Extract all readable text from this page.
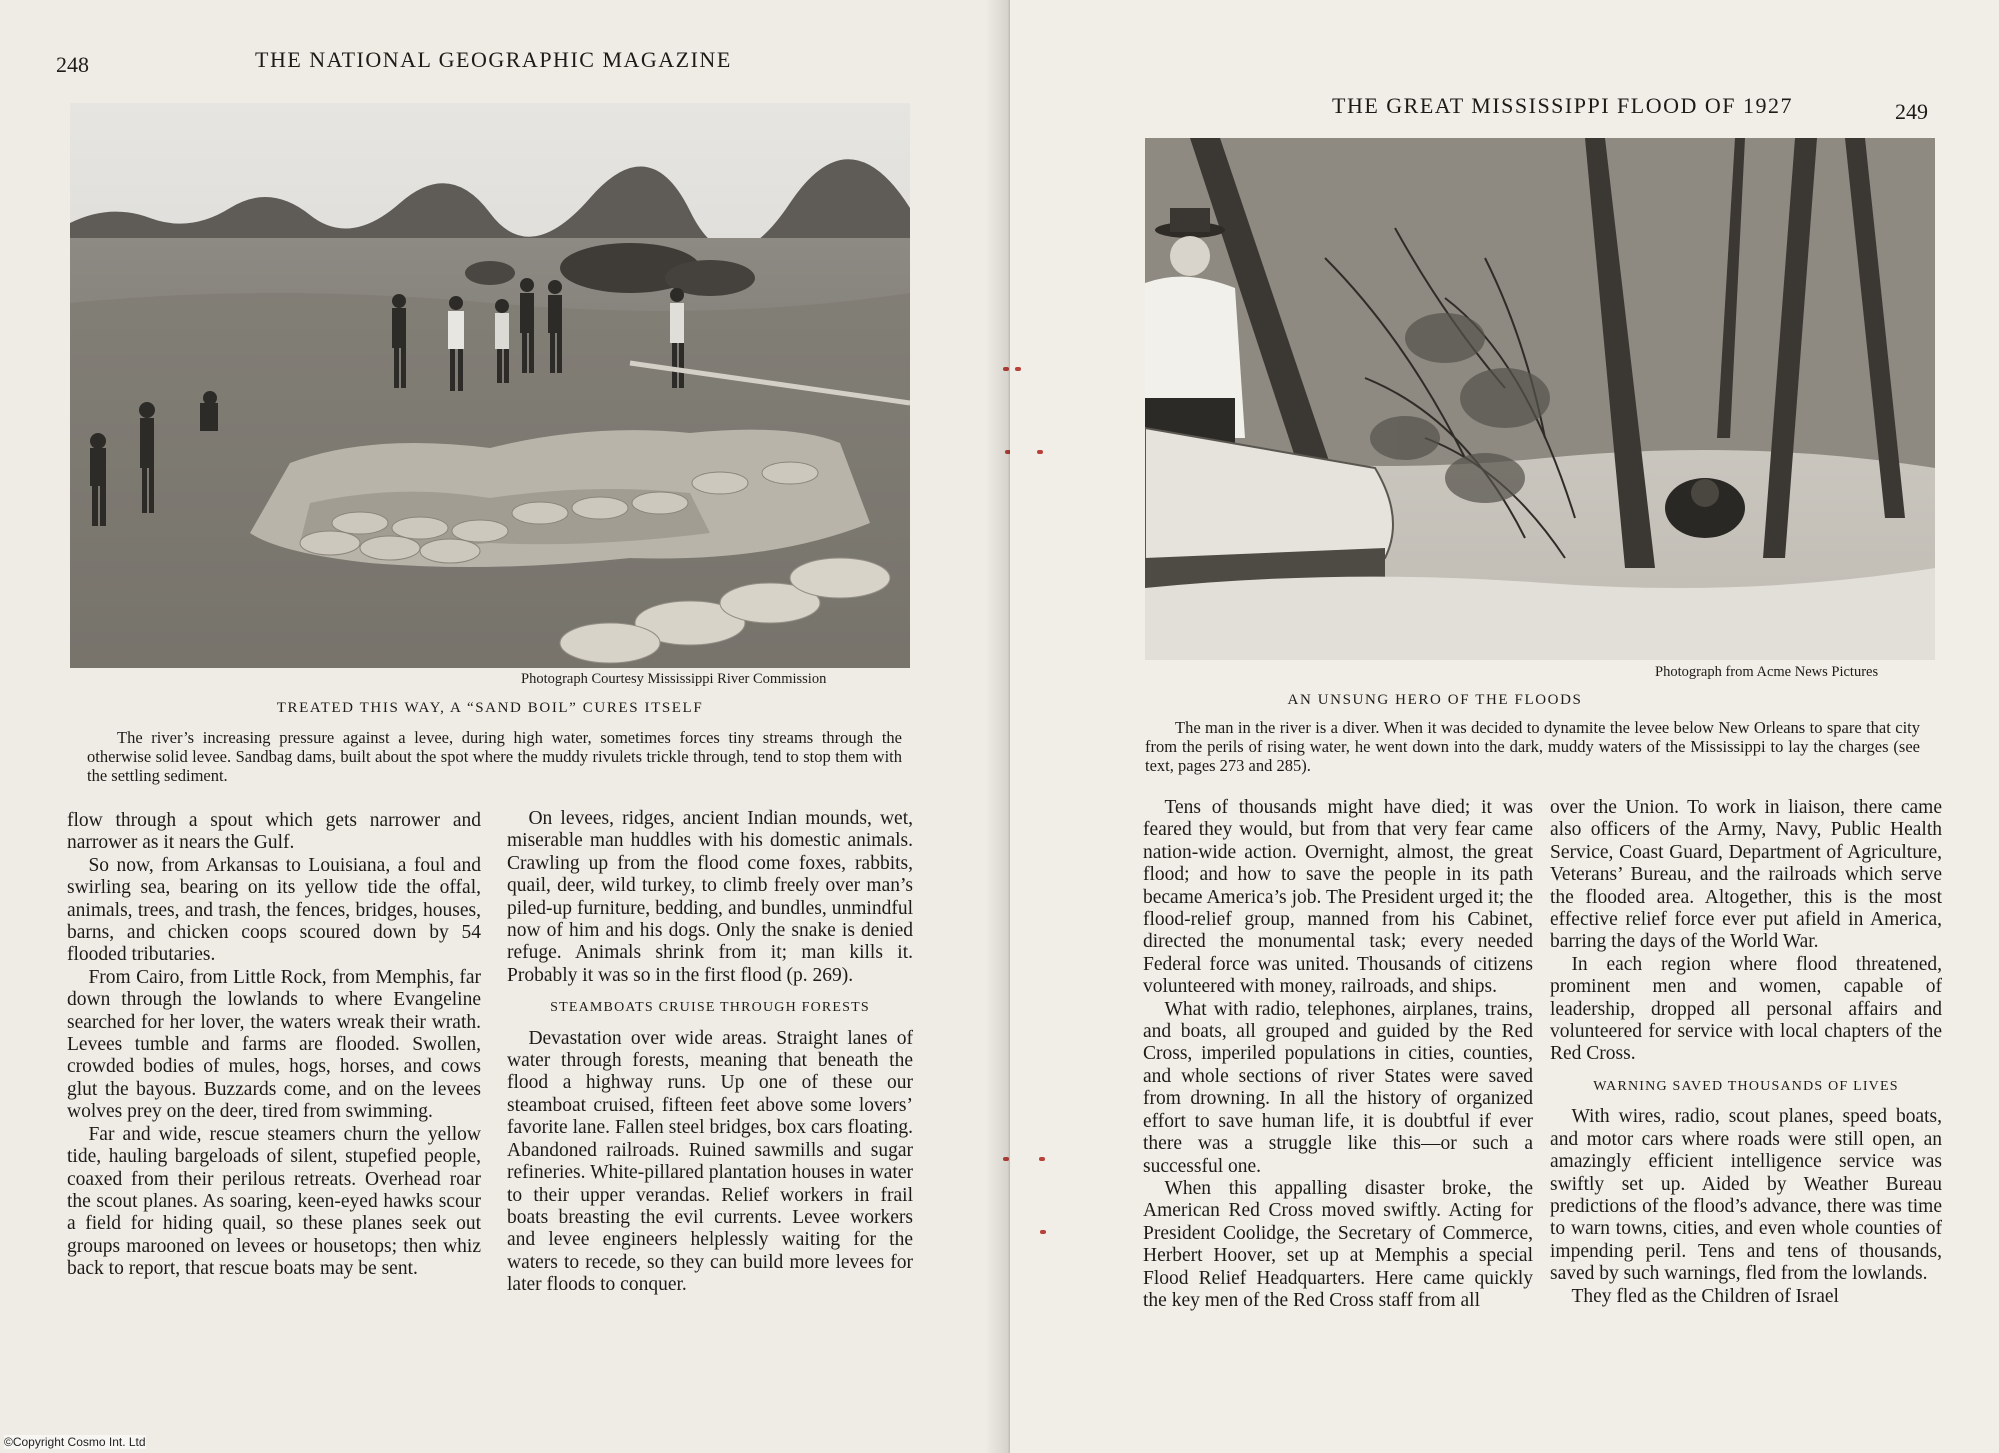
248	THE NATIONAL GEOGRAPHIC MAGAZINE
Photograph Courtesy Mississippi River Commission
TREATED THIS WAY, A “SAND BOIL” CURES ITSELF
The river’s increasing pressure against a levee, during high water, sometimes forces tiny streams through the otherwise solid levee. Sandbag dams, built about the spot where the muddy rivulets trickle through, tend to stop them with the settling sediment.

flow through a spout which gets narrower and narrower as it nears the Gulf.

So now, from Arkansas to Louisiana, a foul and swirling sea, bearing on its yellow tide the offal, animals, trees, and trash, the fences, bridges, houses, barns, and chicken coops scoured down by 54 flooded tributaries.

From Cairo, from Little Rock, from Memphis, far down through the lowlands to where Evangeline searched for her lover, the waters wreak their wrath. Levees tumble and farms are flooded. Swollen, crowded bodies of mules, hogs, horses, and cows glut the bayous. Buzzards come, and on the levees wolves prey on the deer, tired from swimming.

Far and wide, rescue steamers churn the yellow tide, hauling bargeloads of silent, stupefied people, coaxed from their perilous retreats. Overhead roar the scout planes. As soaring, keen-eyed hawks scour a field for hiding quail, so these planes seek out groups marooned on levees or housetops; then whiz back to report, that rescue boats may be sent.

On levees, ridges, ancient Indian mounds, wet, miserable man huddles with his domestic animals. Crawling up from the flood come foxes, rabbits, quail, deer, wild turkey, to climb freely over man’s piled-up furniture, bedding, and bundles, unmindful now of him and his dogs. Only the snake is denied refuge. Animals shrink from it; man kills it. Probably it was so in the first flood (p. 269).

STEAMBOATS CRUISE THROUGH FORESTS

Devastation over wide areas. Straight lanes of water through forests, meaning that beneath the flood a highway runs. Up one of these our steamboat cruised, fifteen feet above some lovers’ favorite lane. Fallen steel bridges, box cars floating. Abandoned railroads. Ruined sawmills and sugar refineries. White-pillared plantation houses in water to their upper verandas. Relief workers in frail boats breasting the evil currents. Levee workers and levee engineers helplessly waiting for the waters to recede, so they can build more levees for later floods to conquer.

THE GREAT MISSISSIPPI FLOOD OF 1927	249
Photograph from Acme News Pictures
AN UNSUNG HERO OF THE FLOODS
The man in the river is a diver. When it was decided to dynamite the levee below New Orleans to spare that city from the perils of rising water, he went down into the dark, muddy waters of the Mississippi to lay the charges (see text, pages 273 and 285).

Tens of thousands might have died; it was feared they would, but from that very fear came nation-wide action. Overnight, almost, the great flood; and how to save the people in its path became America’s job. The President urged it; the flood-relief group, manned from his Cabinet, directed the monumental task; every needed Federal force was united. Thousands of citizens volunteered with money, railroads, and ships.

What with radio, telephones, airplanes, trains, and boats, all grouped and guided by the Red Cross, imperiled populations in cities, counties, and whole sections of river States were saved from drowning. In all the history of organized effort to save human life, it is doubtful if ever there was a struggle like this—or such a successful one.

When this appalling disaster broke, the American Red Cross moved swiftly. Acting for President Coolidge, the Secretary of Commerce, Herbert Hoover, set up at Memphis a special Flood Relief Headquarters. Here came quickly the key men of the Red Cross staff from all

over the Union. To work in liaison, there came also officers of the Army, Navy, Public Health Service, Coast Guard, Department of Agriculture, Veterans’ Bureau, and the railroads which serve the flooded area. Altogether, this is the most effective relief force ever put afield in America, barring the days of the World War.

In each region where flood threatened, prominent men and women, capable of leadership, dropped all personal affairs and volunteered for service with local chapters of the Red Cross.

WARNING SAVED THOUSANDS OF LIVES

With wires, radio, scout planes, speed boats, and motor cars where roads were still open, an amazingly efficient intelligence service was swiftly set up. Aided by Weather Bureau predictions of the flood’s advance, there was time to warn towns, cities, and even whole counties of impending peril. Tens and tens of thousands, saved by such warnings, fled from the lowlands.

They fled as the Children of Israel

©Copyright Cosmo Int. Ltd
